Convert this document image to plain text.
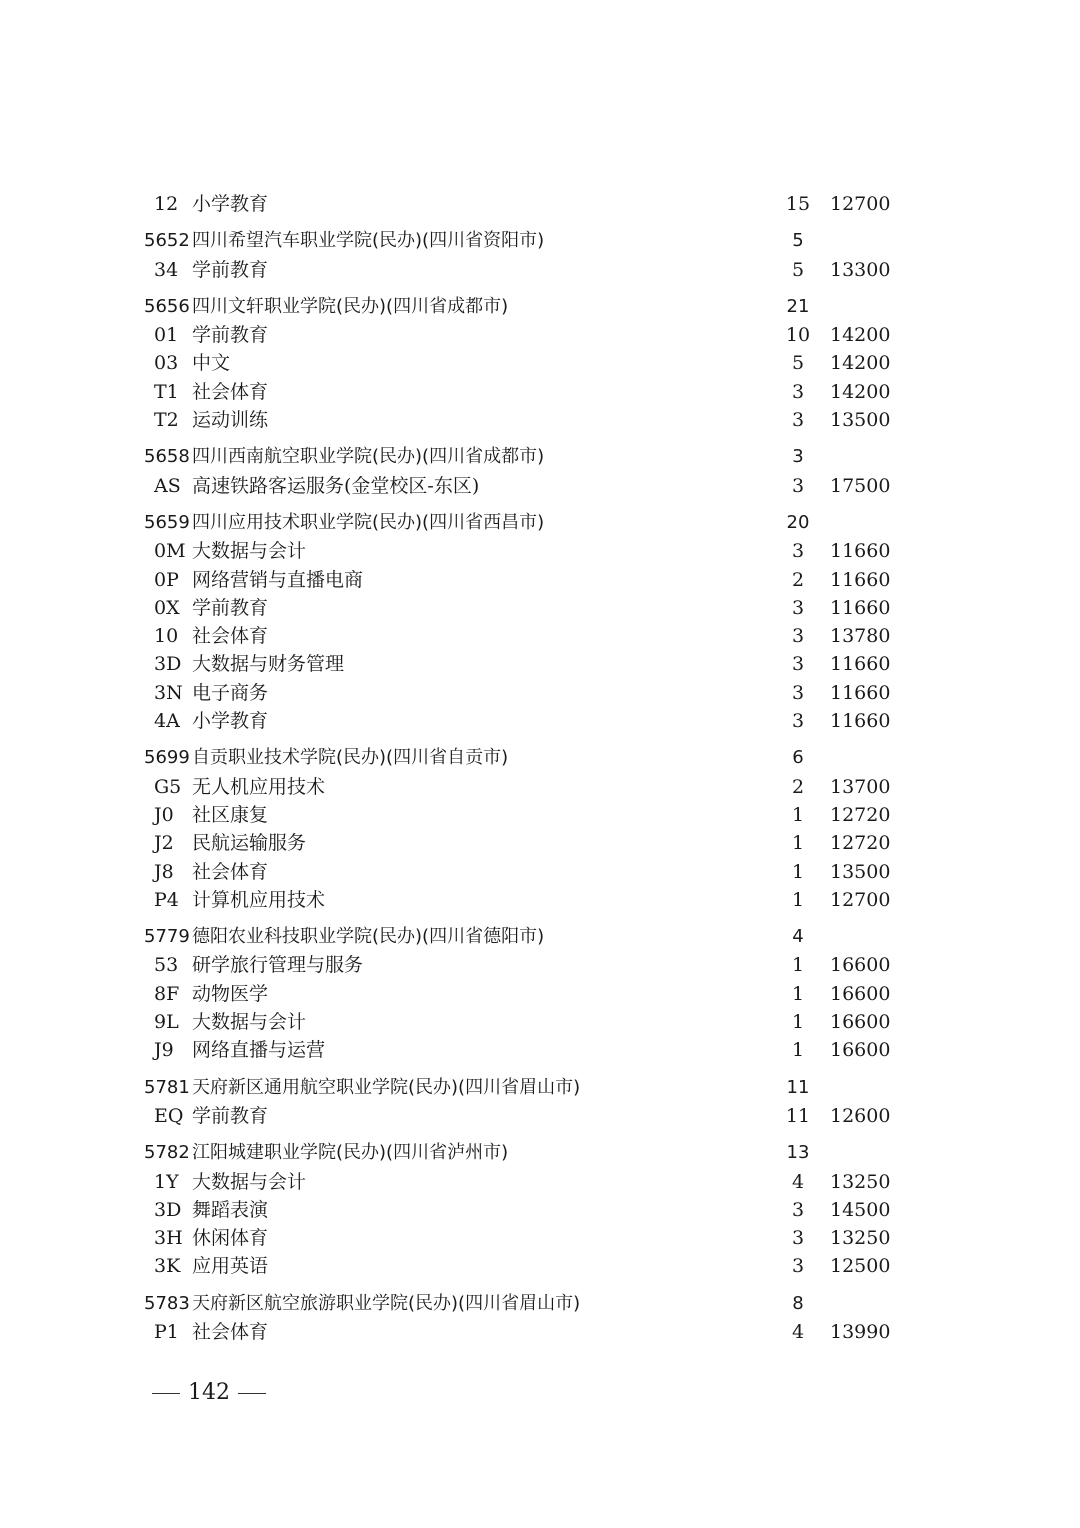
12 小学教育	15 12700
5652 四川希望汽车职业学院(民办)(四川省资阳市)	5
34 学前教育	5	13300
5656 四川文轩职业学院(民办)(四川省成都市)	21
01 学前教育	10 14200
03 中文	5	14200
T1 社会体育	3	14200
T2 运动训练	3	13500
5658 四川西南航空职业学院(民办)(四川省成都市)	3
AS 高速铁路客运服务(金堂校区-东区)	3	17500
5659 四川应用技术职业学院(民办)(四川省西昌市)	20
0M 大数据与会计	3	11660
0P 网络营销与直播电商	2	11660
0X 学前教育	3	11660
10 社会体育	3	13780
3D 大数据与财务管理	3	11660
3N 电子商务	3	11660
4A 小学教育	3	11660
5699 自贡职业技术学院(民办)(四川省自贡市)	6
G5 无人机应用技术	2	13700
J0 社区康复	1	12720
J2 民航运输服务	1	12720
J8 社会体育	1	13500
P4 计算机应用技术	1	12700
5779 德阳农业科技职业学院(民办)(四川省德阳市)	4
53 研学旅行管理与服务	1	16600
8F 动物医学	1	16600
9L 大数据与会计	1	16600
J9 网络直播与运营	1	16600
5781 天府新区通用航空职业学院(民办)(四川省眉山市)	11
EQ 学前教育	11 12600
5782 江阳城建职业学院(民办)(四川省泸州市)	13
1Y 大数据与会计	4	13250
3D 舞蹈表演	3	14500
3H 休闲体育	3	13250
3K 应用英语	3	12500
5783 天府新区航空旅游职业学院(民办)(四川省眉山市)	8
P1 社会体育	4	13990
142
